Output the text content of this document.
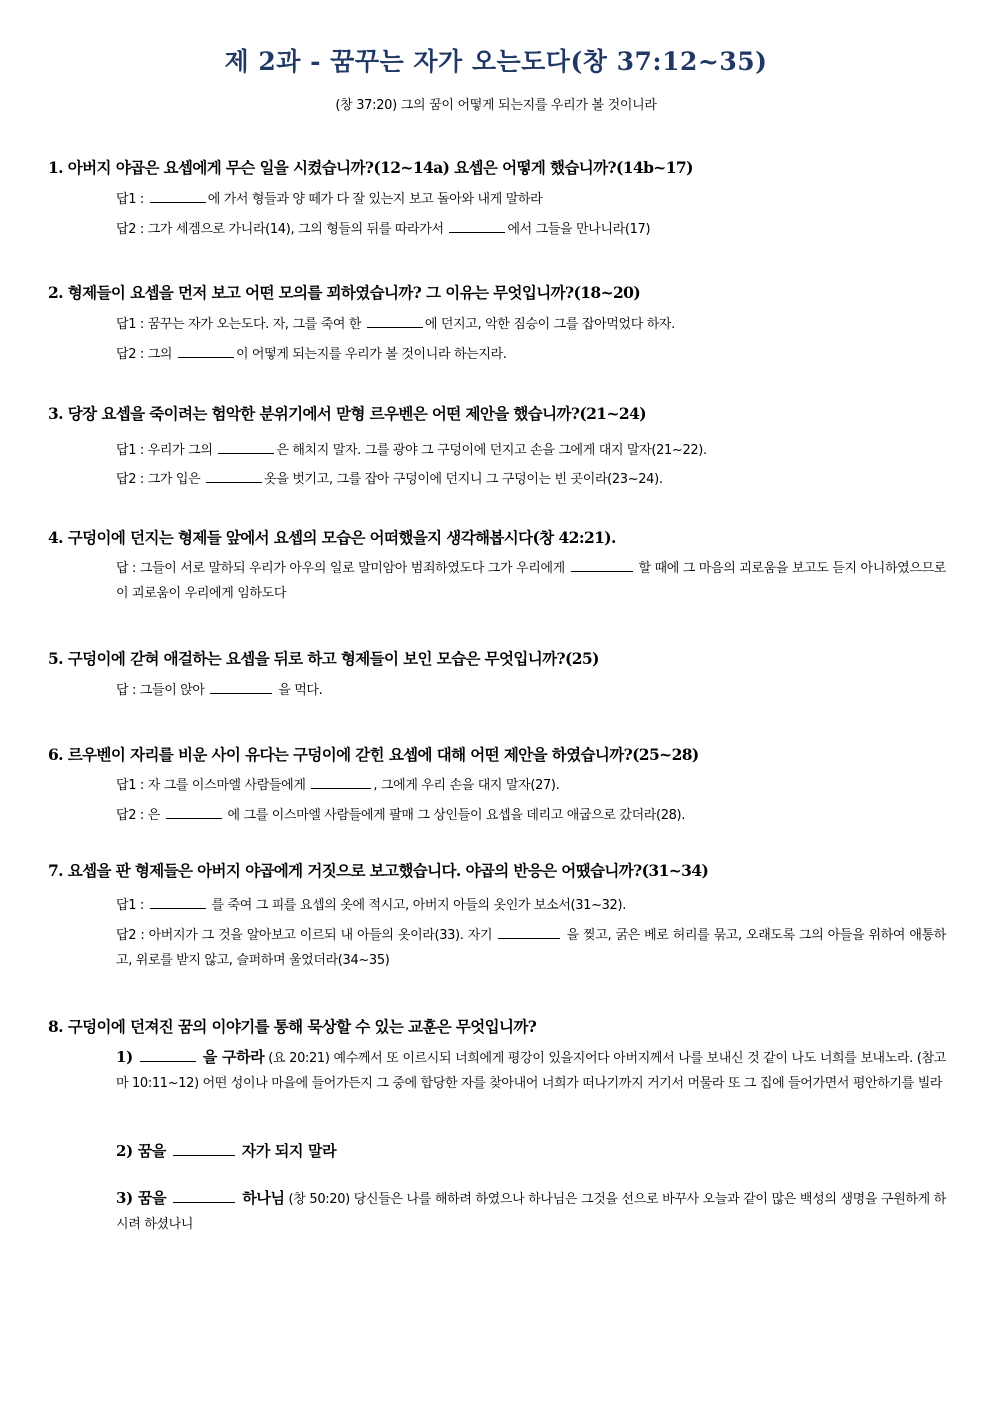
제 2과 - 꿈꾸는 자가 오는도다(창 37:12~35)
(창 37:20) 그의 꿈이 어떻게 되는지를 우리가 볼 것이니라
1. 아버지 야곱은 요셉에게 무슨 일을 시켰습니까?(12~14a) 요셉은 어떻게 했습니까?(14b~17)
답1 :	에 가서 형들과 양 떼가 다 잘 있는지 보고 돌아와 내게 말하라
답2 : 그가 세겜으로 가니라(14), 그의 형들의 뒤를 따라가서	에서 그들을 만나니라(17)
2. 형제들이 요셉을 먼저 보고 어떤 모의를 꾀하였습니까? 그 이유는 무엇입니까?(18~20)
답1 : 꿈꾸는 자가 오는도다. 자, 그를 죽여 한	에 던지고, 악한 짐승이 그를 잡아먹었다 하자.
답2 : 그의	이 어떻게 되는지를 우리가 볼 것이니라 하는지라.
3. 당장 요셉을 죽이려는 험악한 분위기에서 맏형 르우벤은 어떤 제안을 했습니까?(21~24)
답1 : 우리가 그의	은 해치지 말자. 그를 광야 그 구덩이에 던지고 손을 그에게 대지 말자(21~22).
답2 : 그가 입은	옷을 벗기고, 그를 잡아 구덩이에 던지니 그 구덩이는 빈 곳이라(23~24).
4. 구덩이에 던지는 형제들 앞에서 요셉의 모습은 어떠했을지 생각해봅시다(창 42:21).
답 : 그들이 서로 말하되 우리가 아우의 일로 말미암아 범죄하였도다 그가 우리에게	할 때에 그 마음의 괴로움을 보고도 듣지 아니하였으므로 이 괴로움이 우리에게 임하도다
5. 구덩이에 갇혀 애걸하는 요셉을 뒤로 하고 형제들이 보인 모습은 무엇입니까?(25)
답 : 그들이 앉아	을 먹다.
6. 르우벤이 자리를 비운 사이 유다는 구덩이에 갇힌 요셉에 대해 어떤 제안을 하였습니까?(25~28)
답1 : 자 그를 이스마엘 사람들에게	, 그에게 우리 손을 대지 말자(27).
답2 : 은	에 그를 이스마엘 사람들에게 팔매 그 상인들이 요셉을 데리고 애굽으로 갔더라(28).
7. 요셉을 판 형제들은 아버지 야곱에게 거짓으로 보고했습니다. 야곱의 반응은 어땠습니까?(31~34)
답1 :	를 죽여 그 피를 요셉의 옷에 적시고, 아버지 아들의 옷인가 보소서(31~32).
답2 : 아버지가 그 것을 알아보고 이르되 내 아들의 옷이라(33). 자기	을 찢고, 굵은 베로 허리를 묶고, 오래도록 그의 아들을 위하여 애통하고, 위로를 받지 않고, 슬퍼하며 울었더라(34~35)
8. 구덩이에 던져진 꿈의 이야기를 통해 묵상할 수 있는 교훈은 무엇입니까?
1)	을 구하라 (요 20:21) 예수께서 또 이르시되 너희에게 평강이 있을지어다 아버지께서 나를 보내신 것 같이 나도 너희를 보내노라. (참고 마 10:11~12) 어떤 성이나 마을에 들어가든지 그 중에 합당한 자를 찾아내어 너희가 떠나기까지 거기서 머물라 또 그 집에 들어가면서 평안하기를 빌라
2) 꿈을	자가 되지 말라
3) 꿈을	하나님 (창 50:20) 당신들은 나를 해하려 하였으나 하나님은 그것을 선으로 바꾸사 오늘과 같이 많은 백성의 생명을 구원하게 하시려 하셨나니
